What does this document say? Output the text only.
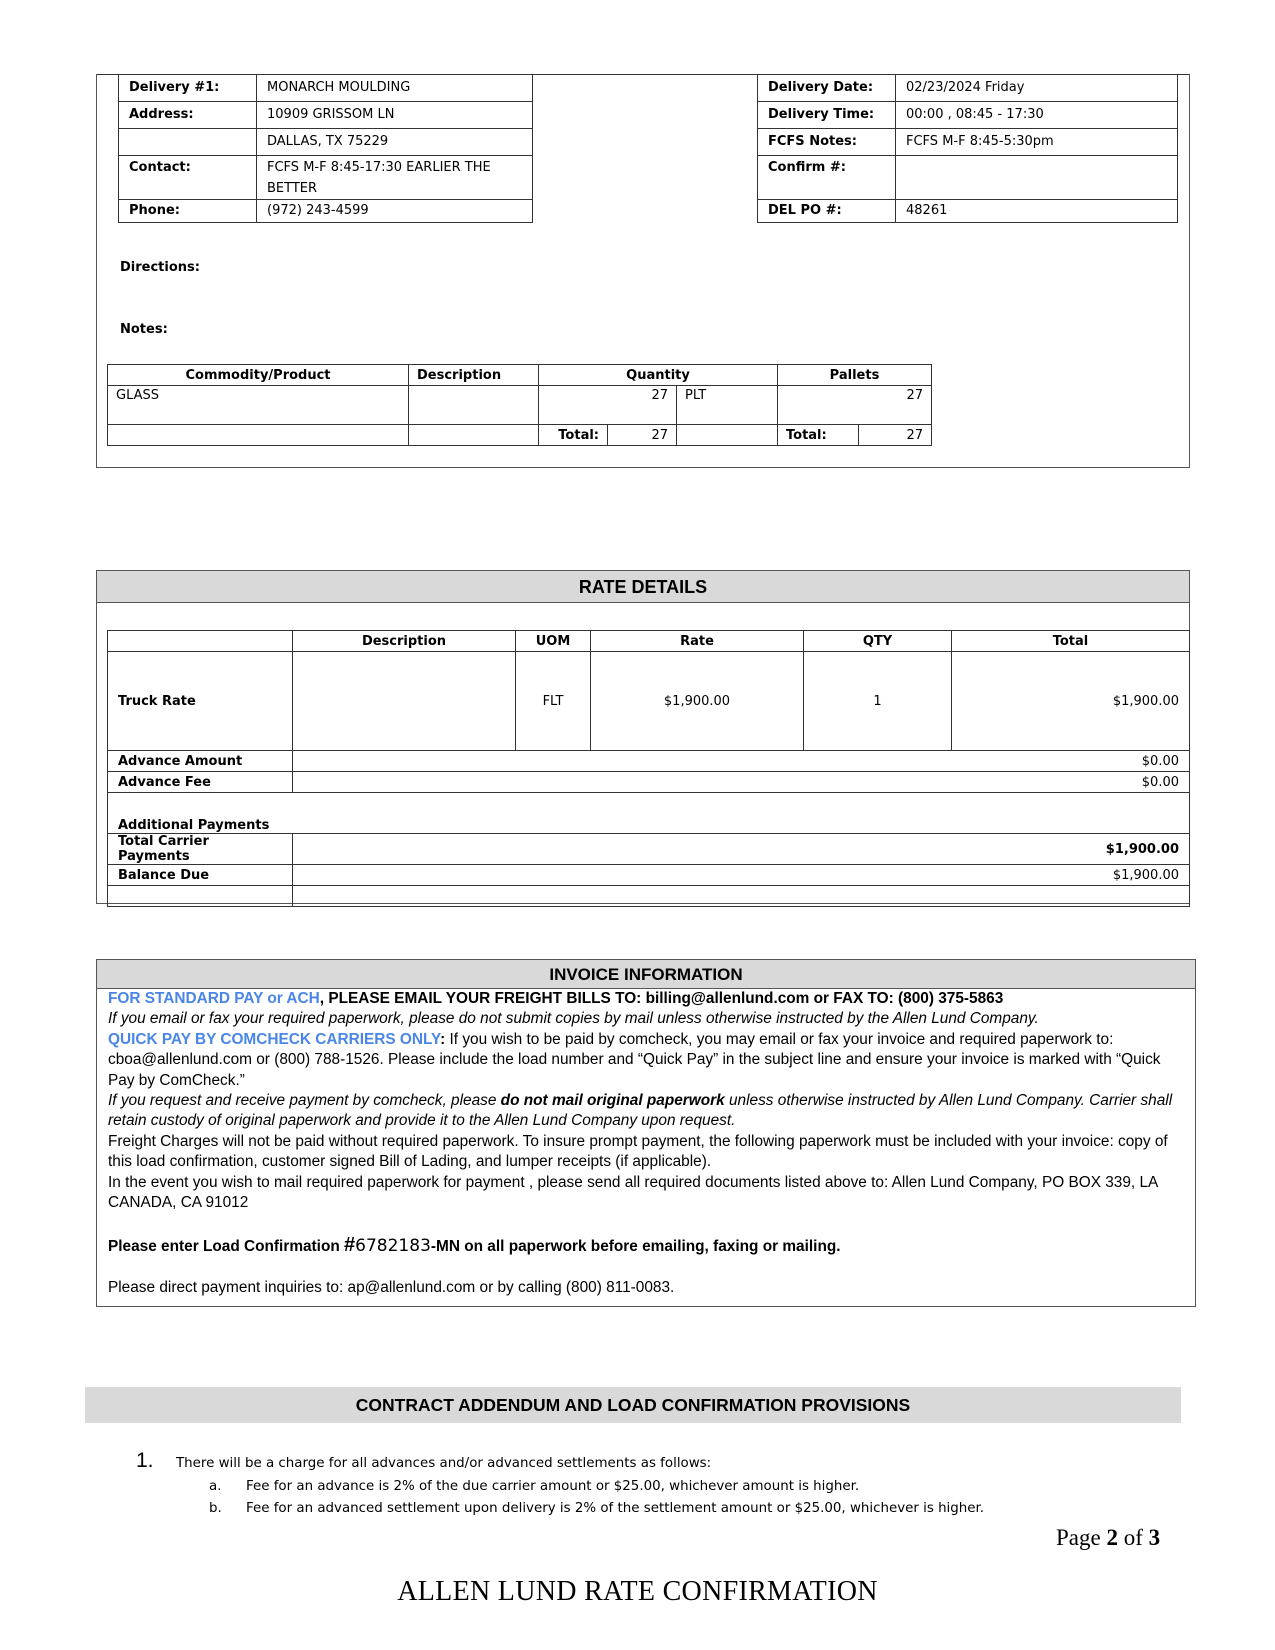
Delivery #1:	MONARCH MOULDING
Address:	10909 GRISSOM LN
	DALLAS, TX 75229
Contact:	FCFS M-F 8:45-17:30 EARLIER THE BETTER
Phone:	(972) 243-4599
Delivery Date:	02/23/2024 Friday
Delivery Time:	00:00 , 08:45 - 17:30
FCFS Notes:	FCFS M-F 8:45-5:30pm
Confirm #:	
DEL PO #:	48261
Directions:
Notes:
Commodity/Product	Description	Quantity			Pallets	
GLASS		27		PLT	27	
		Total:	27		Total:	27
RATE DETAILS
	Description	UOM	Rate	QTY	Total
Truck Rate		FLT	$1,900.00	1	$1,900.00
Advance Amount	$0.00				
Advance Fee	$0.00				
Additional Payments					
Total Carrier Payments	$1,900.00				
Balance Due	$1,900.00				

INVOICE INFORMATION

FOR STANDARD PAY or ACH, PLEASE EMAIL YOUR FREIGHT BILLS TO: billing@allenlund.com or FAX TO: (800) 375-5863

If you email or fax your required paperwork, please do not submit copies by mail unless otherwise instructed by the Allen Lund Company.

QUICK PAY BY COMCHECK CARRIERS ONLY: If you wish to be paid by comcheck, you may email or fax your invoice and required paperwork to: cboa@allenlund.com or (800) 788-1526. Please include the load number and “Quick Pay” in the subject line and ensure your invoice is marked with “Quick Pay by ComCheck.”

If you request and receive payment by comcheck, please do not mail original paperwork unless otherwise instructed by Allen Lund Company. Carrier shall retain custody of original paperwork and provide it to the Allen Lund Company upon request.

Freight Charges will not be paid without required paperwork. To insure prompt payment, the following paperwork must be included with your invoice: copy of this load confirmation, customer signed Bill of Lading, and lumper receipts (if applicable).

In the event you wish to mail required paperwork for payment , please send all required documents listed above to: Allen Lund Company, PO BOX 339, LA CANADA, CA 91012

Please enter Load Confirmation #6782183-MN on all paperwork before emailing, faxing or mailing.

Please direct payment inquiries to: ap@allenlund.com or by calling (800) 811-0083.

CONTRACT ADDENDUM AND LOAD CONFIRMATION PROVISIONS
1. There will be a charge for all advances and/or advanced settlements as follows:
a. Fee for an advance is 2% of the due carrier amount or $25.00, whichever amount is higher.
b. Fee for an advanced settlement upon delivery is 2% of the settlement amount or $25.00, whichever is higher.
Page 2 of 3
ALLEN LUND RATE CONFIRMATION
